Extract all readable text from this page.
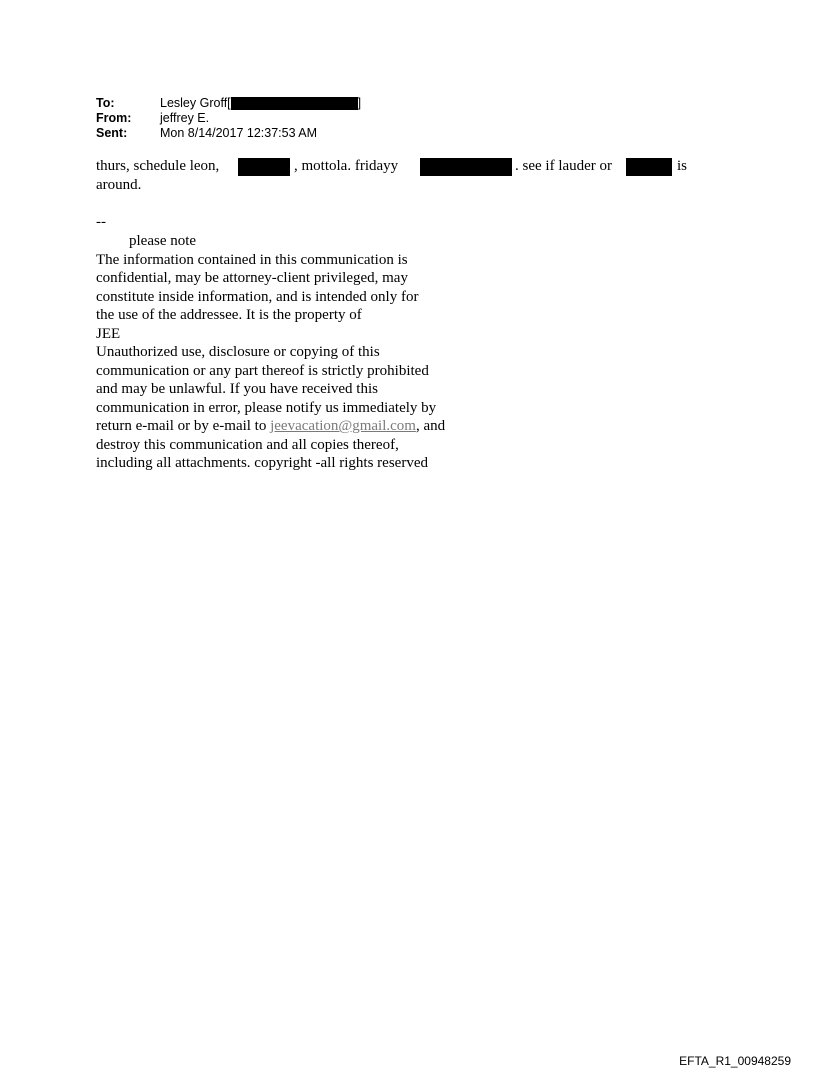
To:	Lesley Groff[	]
From:	jeffrey E.
Sent:	Mon 8/14/2017 12:37:53 AM
thurs, schedule leon,	, mottola. fridayy	. see if lauder or	is
around.
--
please note
The information contained in this communication is
confidential, may be attorney-client privileged, may
constitute inside information, and is intended only for
the use of the addressee. It is the property of
JEE
Unauthorized use, disclosure or copying of this
communication or any part thereof is strictly prohibited
and may be unlawful. If you have received this
communication in error, please notify us immediately by
return e-mail or by e-mail to jeevacation@gmail.com, and
destroy this communication and all copies thereof,
including all attachments. copyright -all rights reserved
EFTA_R1_00948259
